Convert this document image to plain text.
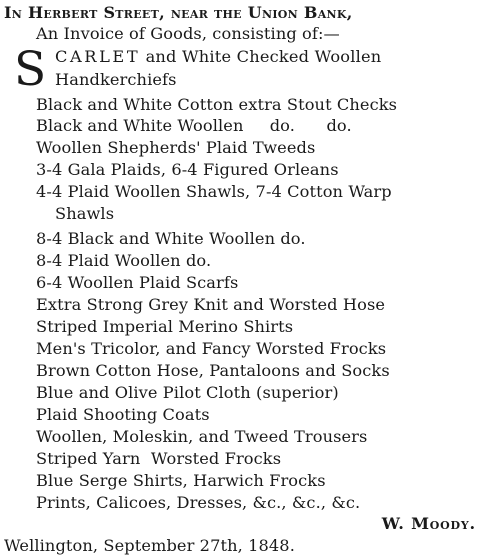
In Herbert Street, near the Union Bank,
An Invoice of Goods, consisting of:—
S CARLET and White Checked Woollen
Handkerchiefs
Black and White Cotton extra Stout Checks
Black and White Woollen     do.      do.
Woollen Shepherds' Plaid Tweeds
3-4 Gala Plaids, 6-4 Figured Orleans
4-4 Plaid Woollen Shawls, 7-4 Cotton Warp
Shawls
8-4 Black and White Woollen do.
8-4 Plaid Woollen do.
6-4 Woollen Plaid Scarfs
Extra Strong Grey Knit and Worsted Hose
Striped Imperial Merino Shirts
Men's Tricolor, and Fancy Worsted Frocks
Brown Cotton Hose, Pantaloons and Socks
Blue and Olive Pilot Cloth (superior)
Plaid Shooting Coats
Woollen, Moleskin, and Tweed Trousers
Striped Yarn  Worsted Frocks
Blue Serge Shirts, Harwich Frocks
Prints, Calicoes, Dresses, &c., &c., &c.
W. Moody.
Wellington, September 27th, 1848.
